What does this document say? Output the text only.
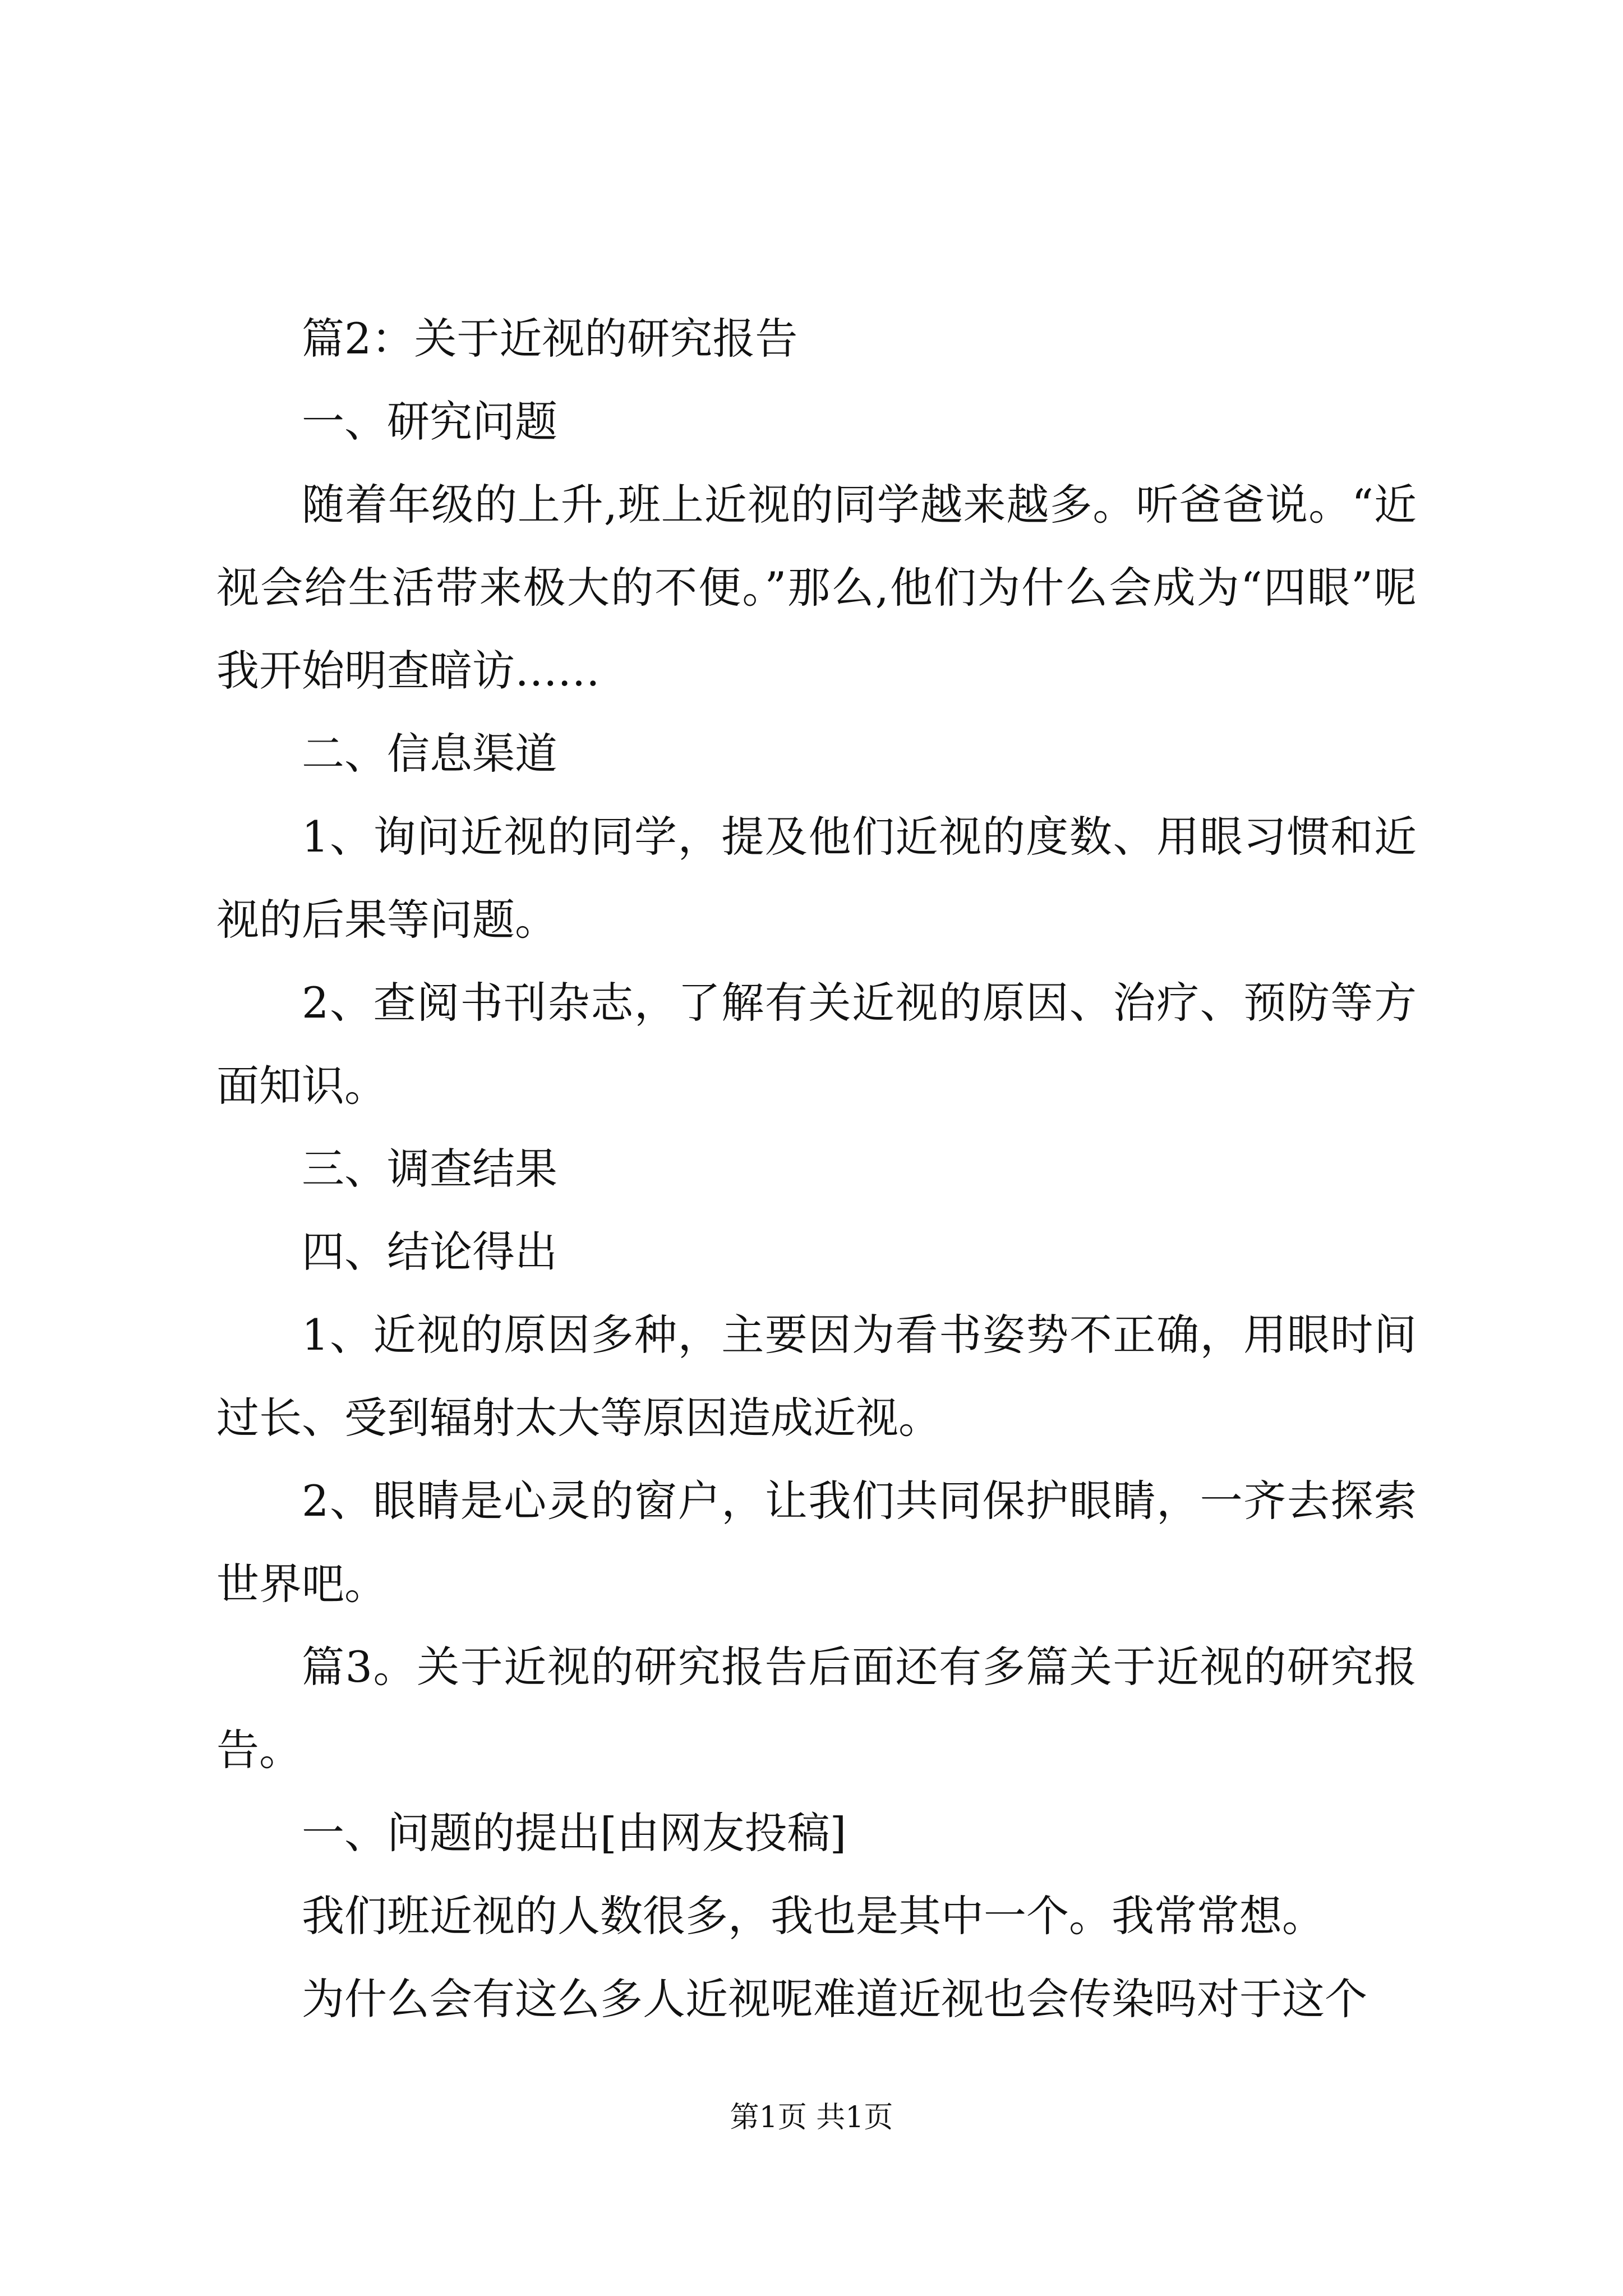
篇2：关于近视的研究报告

一、研究问题

随着年级的上升,班上近视的同学越来越多。听爸爸说。“近视会给生活带来极大的不便。”那么,他们为什么会成为“四眼”呢我开始明查暗访……

二、信息渠道

1、询问近视的同学，提及他们近视的度数、用眼习惯和近视的后果等问题。

2、查阅书刊杂志，了解有关近视的原因、治疗、预防等方面知识。

三、调查结果

四、结论得出

1、近视的原因多种，主要因为看书姿势不正确，用眼时间过长、受到辐射太大等原因造成近视。

2、眼睛是心灵的窗户，让我们共同保护眼睛，一齐去探索世界吧。

篇3。关于近视的研究报告后面还有多篇关于近视的研究报告。

一、问题的提出[由网友投稿]

我们班近视的人数很多，我也是其中一个。我常常想。

为什么会有这么多人近视呢难道近视也会传染吗对于这个

第1页 共1页
